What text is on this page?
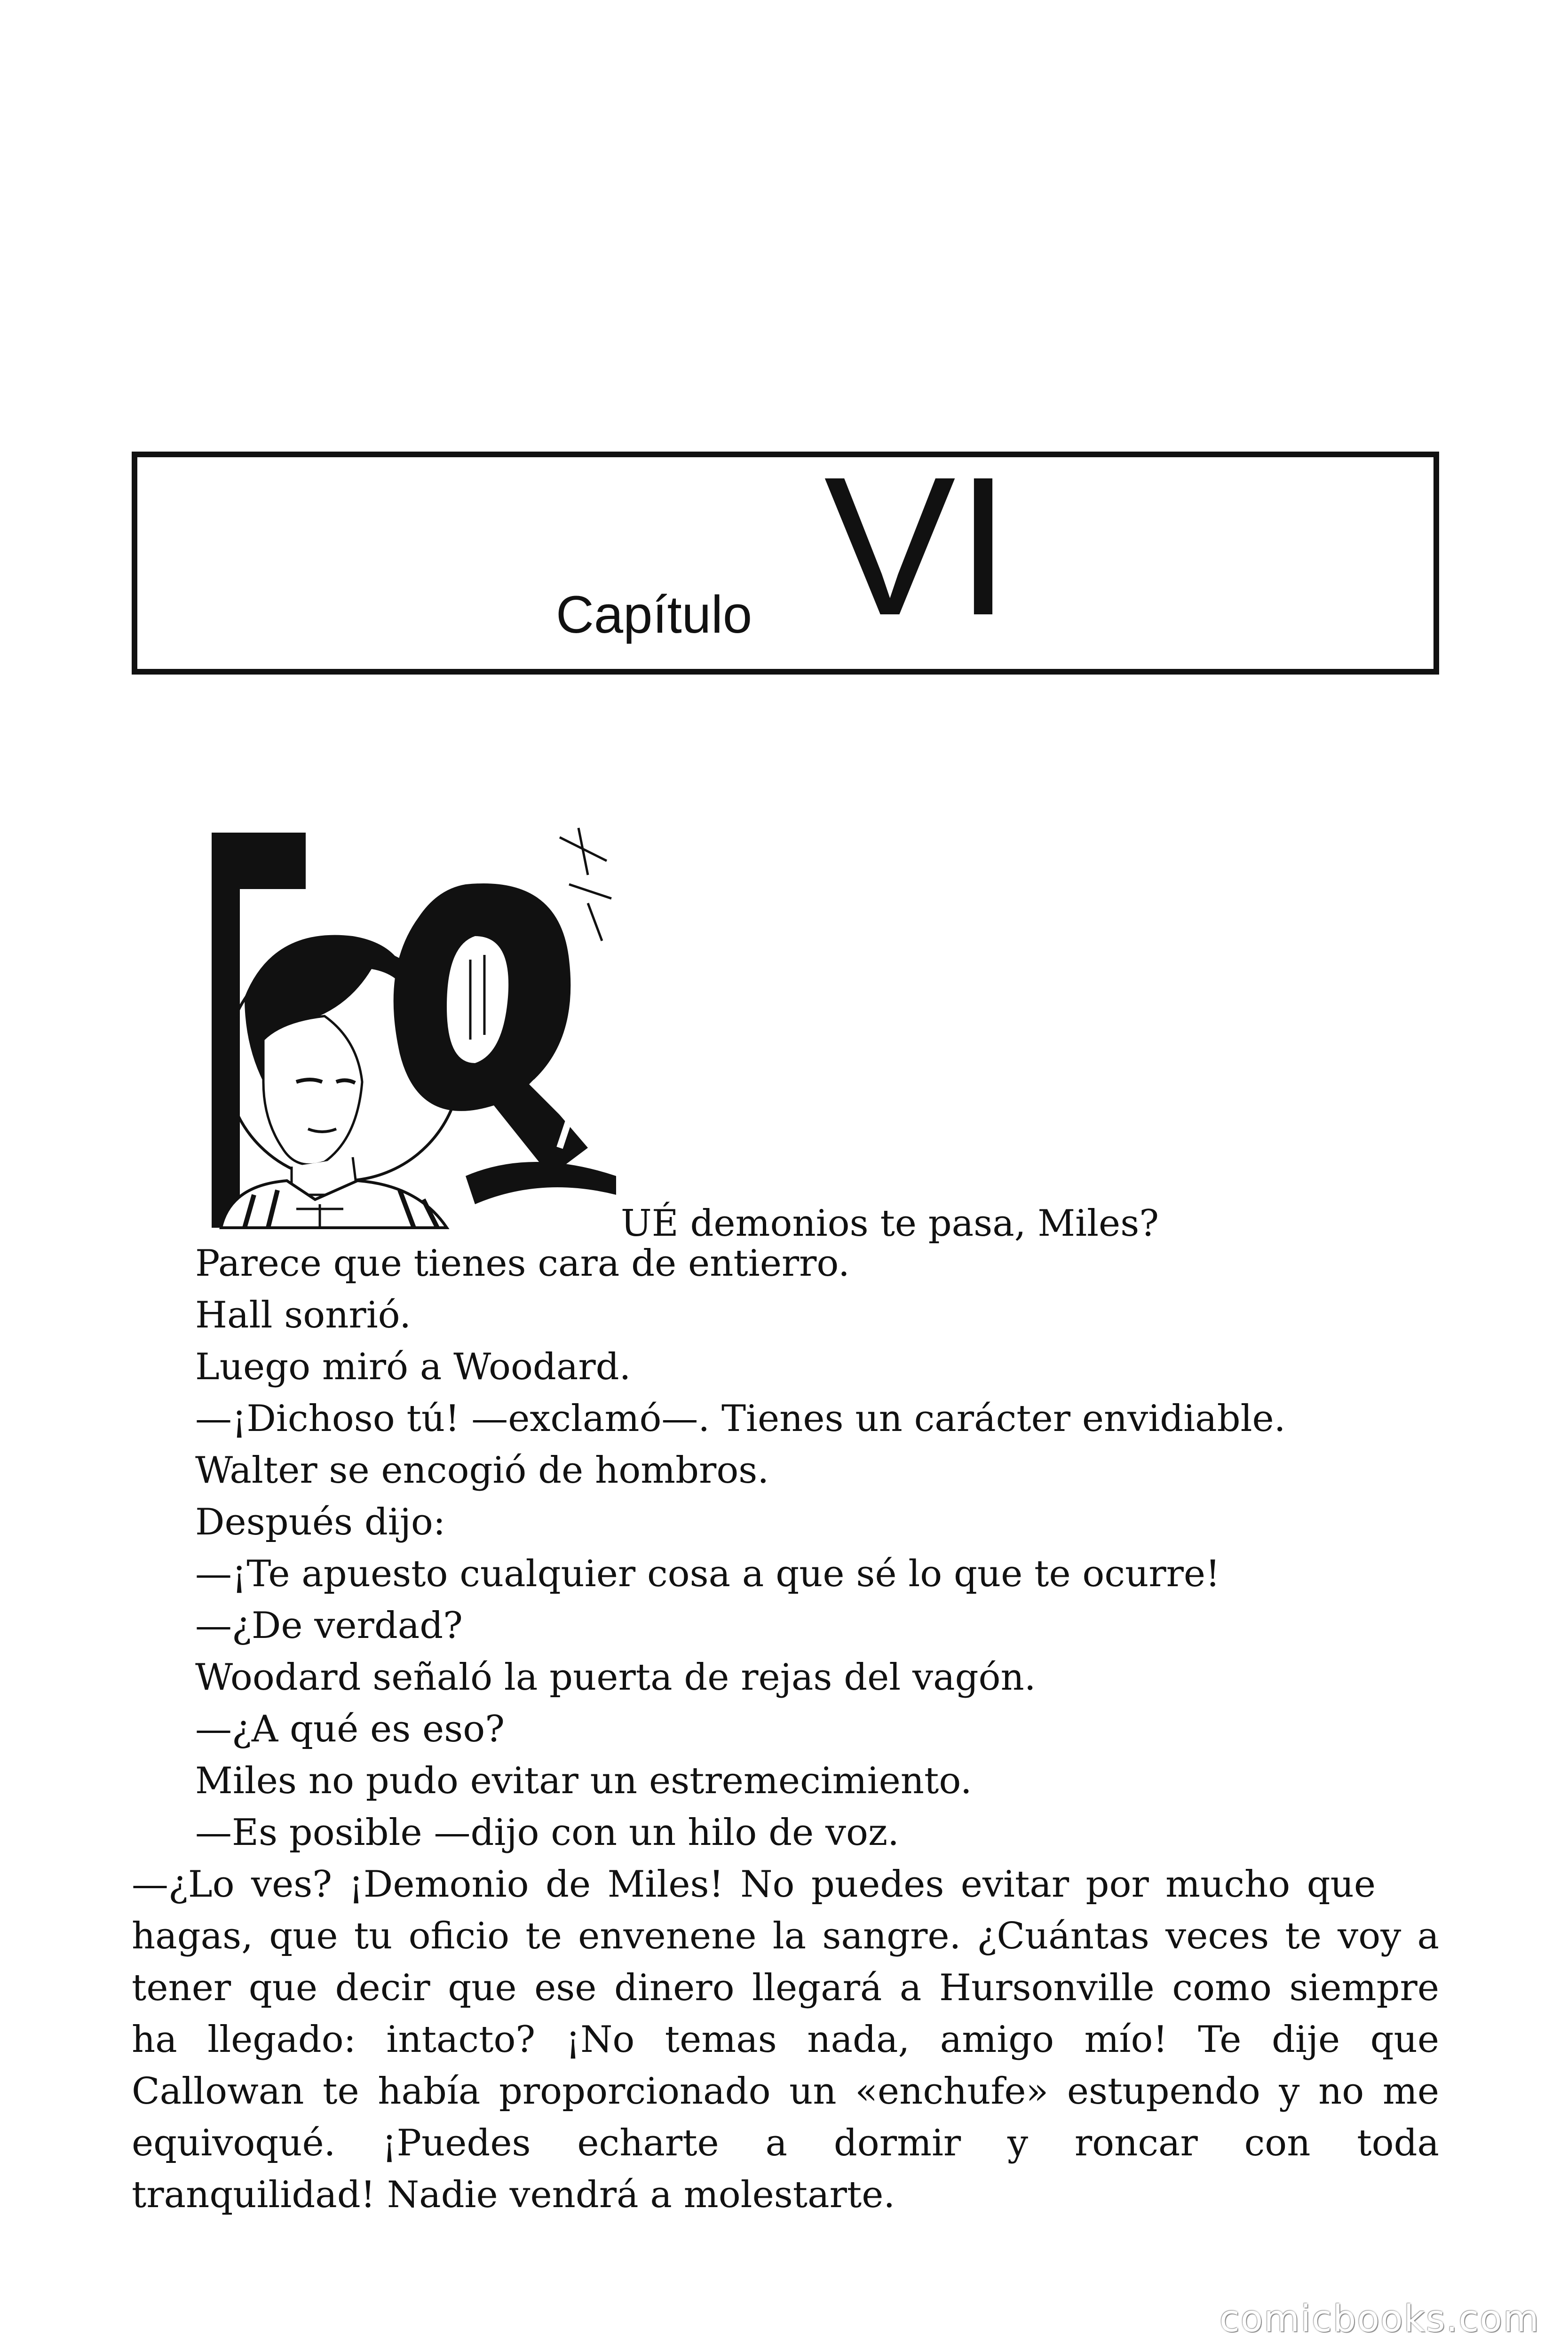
Capítulo VI

UÉ demonios te pasa, Miles?

Parece que tienes cara de entierro.

Hall sonrió.

Luego miró a Woodard.

—¡Dichoso tú! —exclamó—. Tienes un carácter envidiable.

Walter se encogió de hombros.

Después dijo:

—¡Te apuesto cualquier cosa a que sé lo que te ocurre!

—¿De verdad?

Woodard señaló la puerta de rejas del vagón.

—¿A qué es eso?

Miles no pudo evitar un estremecimiento.

—Es posible —dijo con un hilo de voz.

—¿Lo ves? ¡Demonio de Miles! No puedes evitar por mucho que

hagas, que tu oficio te envenene la sangre. ¿Cuántas veces te voy a

tener que decir que ese dinero llegará a Hursonville como siempre

ha llegado: intacto? ¡No temas nada, amigo mío! Te dije que

Callowan te había proporcionado un «enchufe» estupendo y no me

equivoqué. ¡Puedes echarte a dormir y roncar con toda

tranquilidad! Nadie vendrá a molestarte.

comicbooks.com
